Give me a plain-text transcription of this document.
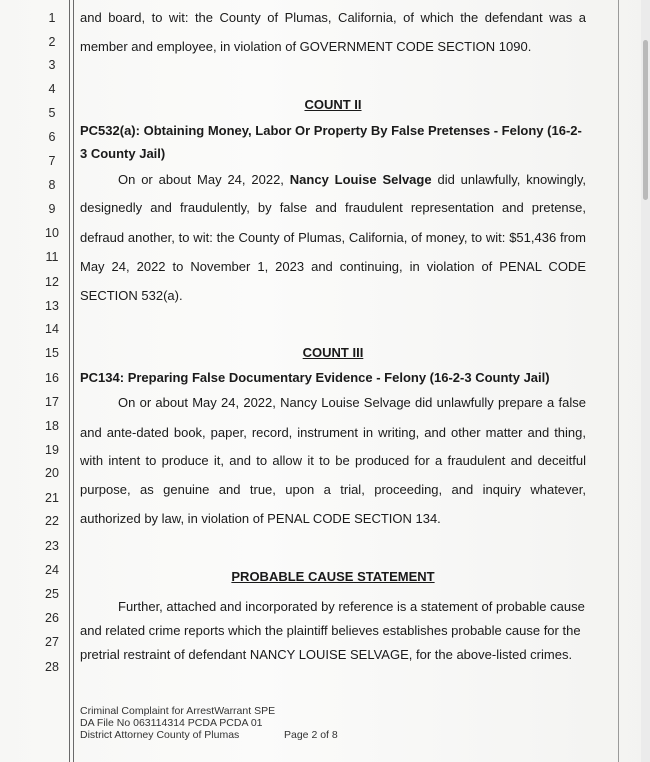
1
2
3
4
5
6
7
8
9
10
11
12
13
14
15
16
17
18
19
20
21
22
23
24
25
26
27
28
and board, to wit: the County of Plumas, California, of which the defendant was a
member and employee, in violation of GOVERNMENT CODE SECTION 1090.
COUNT II
PC532(a): Obtaining Money, Labor Or Property By False Pretenses - Felony (16-2-
3 County Jail)
On or about May 24, 2022, Nancy Louise Selvage did unlawfully, knowingly,
designedly and fraudulently, by false and fraudulent representation and pretense,
defraud another, to wit: the County of Plumas, California, of money, to wit: $51,436 from
May 24, 2022 to November 1, 2023 and continuing, in violation of PENAL CODE
SECTION 532(a).
COUNT III
PC134: Preparing False Documentary Evidence - Felony (16-2-3 County Jail)
On or about May 24, 2022, Nancy Louise Selvage did unlawfully prepare a false
and ante-dated book, paper, record, instrument in writing, and other matter and thing,
with intent to produce it, and to allow it to be produced for a fraudulent and deceitful
purpose, as genuine and true, upon a trial, proceeding, and inquiry whatever,
authorized by law, in violation of PENAL CODE SECTION 134.
PROBABLE CAUSE STATEMENT
Further, attached and incorporated by reference is a statement of probable cause
and related crime reports which the plaintiff believes establishes probable cause for the
pretrial restraint of defendant NANCY LOUISE SELVAGE, for the above-listed crimes.
Criminal Complaint for ArrestWarrant SPE
DA File No 063114314 PCDA PCDA 01
District Attorney County of Plumas	Page 2 of 8
